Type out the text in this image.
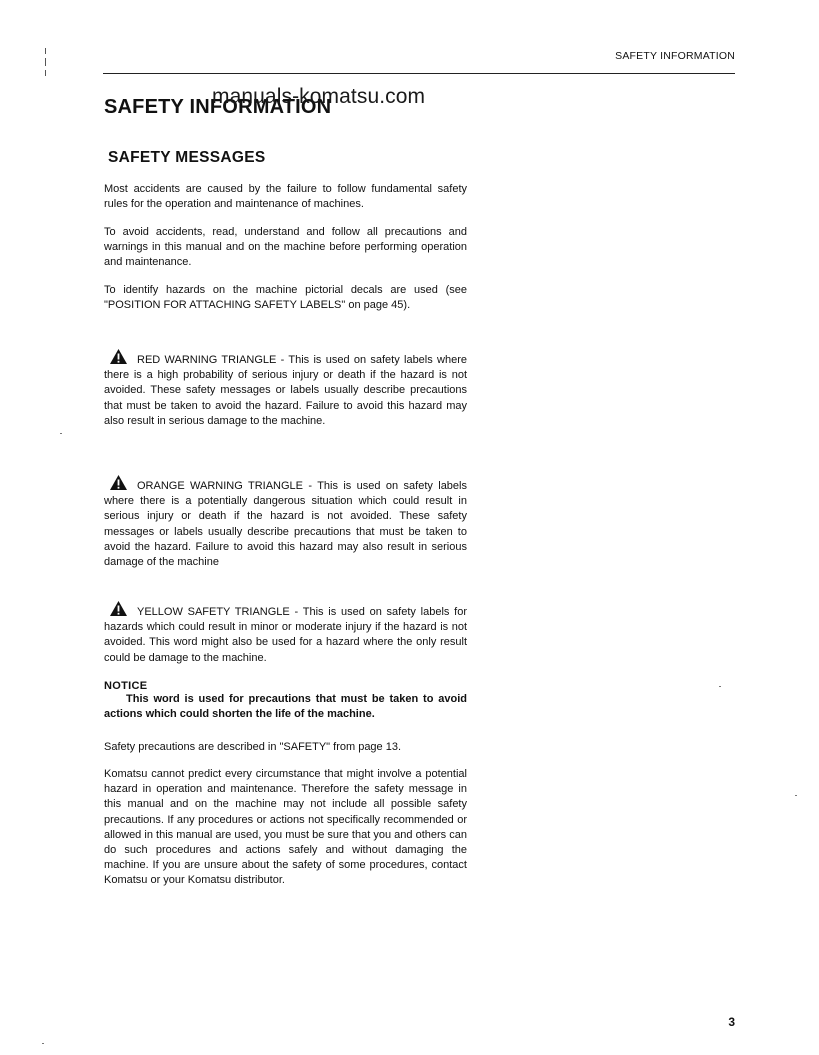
SAFETY INFORMATION
SAFETY INFORMATION
manuals-komatsu.com
SAFETY MESSAGES

Most accidents are caused by the failure to follow fundamental safety rules for the operation and maintenance of machines.

To avoid accidents, read, understand and follow all precautions and warnings in this manual and on the machine before performing operation and maintenance.

To identify hazards on the machine pictorial decals are used (see "POSITION FOR ATTACHING SAFETY LABELS" on page 45).

RED WARNING TRIANGLE - This is used on safety labels where there is a high probability of serious injury or death if the hazard is not avoided. These safety messages or labels usually describe precautions that must be taken to avoid the hazard. Failure to avoid this hazard may also result in serious damage to the machine.

ORANGE WARNING TRIANGLE - This is used on safety labels where there is a potentially dangerous situation which could result in serious injury or death if the hazard is not avoided. These safety messages or labels usually describe precautions that must be taken to avoid the hazard. Failure to avoid this hazard may also result in serious damage of the machine

YELLOW SAFETY TRIANGLE - This is used on safety labels for hazards which could result in minor or moderate injury if the hazard is not avoided. This word might also be used for a hazard where the only result could be damage to the machine.

NOTICE

This word is used for precautions that must be taken to avoid actions which could shorten the life of the machine.

Safety precautions are described in "SAFETY" from page 13.

Komatsu cannot predict every circumstance that might involve a potential hazard in operation and maintenance. Therefore the safety message in this manual and on the machine may not include all possible safety precautions. If any procedures or actions not specifically recommended or allowed in this manual are used, you must be sure that you and others can do such procedures and actions safely and without damaging the machine. If you are unsure about the safety of some procedures, contact Komatsu or your Komatsu distributor.

3
